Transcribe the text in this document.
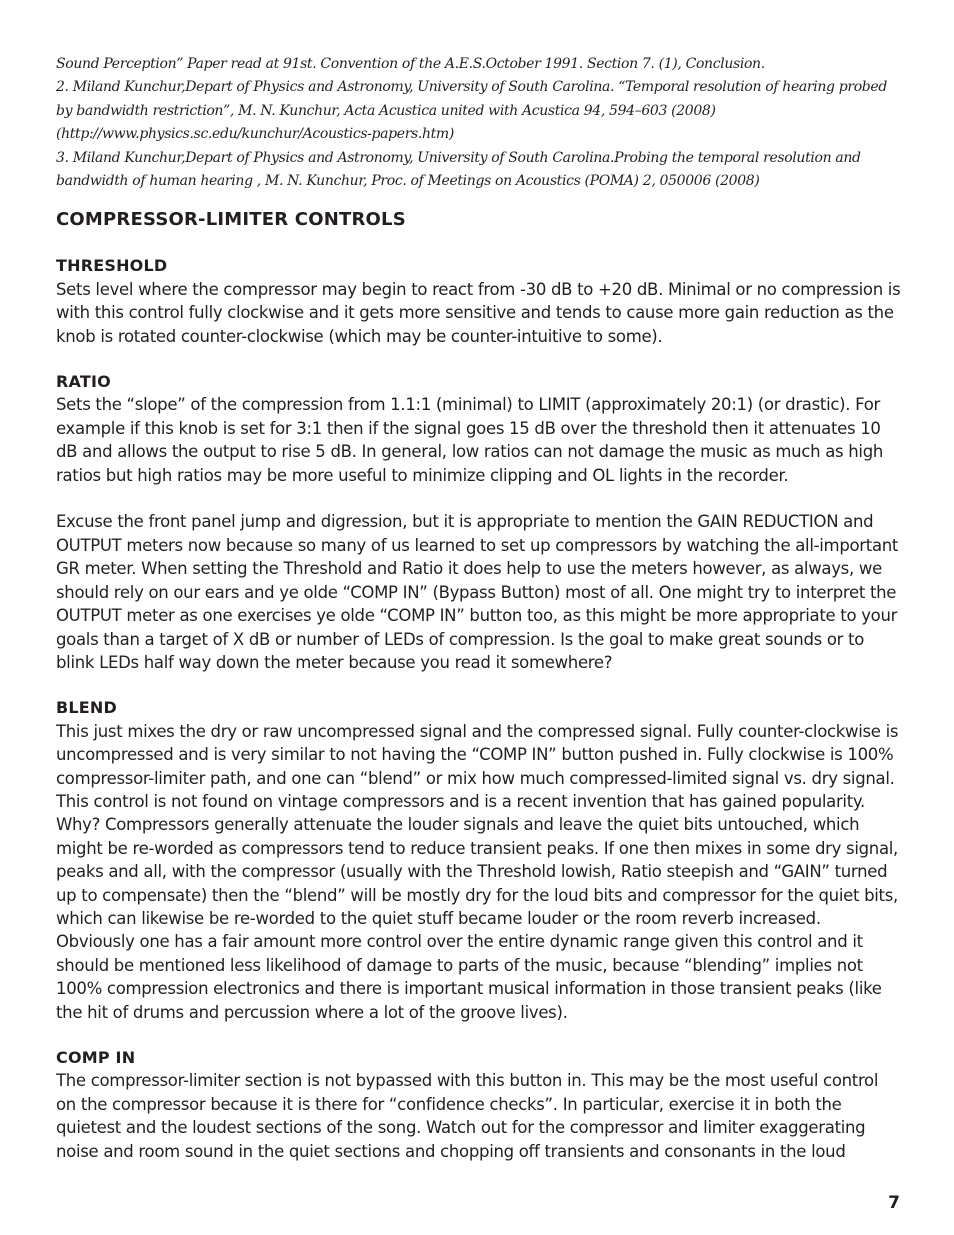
Sound Perception” Paper read at 91st. Convention of the A.E.S.October 1991. Section 7. (1), Conclusion.

2. Miland Kunchur,Depart of Physics and Astronomy, University of South Carolina. “Temporal resolution of hearing probed by bandwidth restriction”, M. N. Kunchur, Acta Acustica united with Acustica 94, 594–603 (2008) (http://www.physics.sc.edu/kunchur/Acoustics-papers.htm)

3. Miland Kunchur,Depart of Physics and Astronomy, University of South Carolina.Probing the temporal resolution and bandwidth of human hearing , M. N. Kunchur, Proc. of Meetings on Acoustics (POMA) 2, 050006 (2008)

COMPRESSOR-LIMITER CONTROLS
THRESHOLD

Sets level where the compressor may begin to react from -30 dB to +20 dB. Minimal or no compression is with this control fully clockwise and it gets more sensitive and tends to cause more gain reduction as the knob is rotated counter-clockwise (which may be counter-intuitive to some).

RATIO

Sets the “slope” of the compression from 1.1:1 (minimal) to LIMIT (approximately 20:1) (or drastic). For example if this knob is set for 3:1 then if the signal goes 15 dB over the threshold then it attenuates 10 dB and allows the output to rise 5 dB. In general, low ratios can not damage the music as much as high ratios but high ratios may be more useful to minimize clipping and OL lights in the recorder.

Excuse the front panel jump and digression, but it is appropriate to mention the GAIN REDUCTION and OUTPUT meters now because so many of us learned to set up compressors by watching the all-important GR meter. When setting the Threshold and Ratio it does help to use the meters however, as always, we should rely on our ears and ye olde “COMP IN” (Bypass Button) most of all. One might try to interpret the OUTPUT meter as one exercises ye olde “COMP IN” button too, as this might be more appropriate to your goals than a target of X dB or number of LEDs of compression. Is the goal to make great sounds or to blink LEDs half way down the meter because you read it somewhere?

BLEND

This just mixes the dry or raw uncompressed signal and the compressed signal. Fully counter-clockwise is uncompressed and is very similar to not having the “COMP IN” button pushed in. Fully clockwise is 100% compressor-limiter path, and one can “blend” or mix how much compressed-limited signal vs. dry signal. This control is not found on vintage compressors and is a recent invention that has gained popularity. Why? Compressors generally attenuate the louder signals and leave the quiet bits untouched, which might be re-worded as compressors tend to reduce transient peaks. If one then mixes in some dry signal, peaks and all, with the compressor (usually with the Threshold lowish, Ratio steepish and “GAIN” turned up to compensate) then the “blend” will be mostly dry for the loud bits and compressor for the quiet bits, which can likewise be re-worded to the quiet stuff became louder or the room reverb increased. Obviously one has a fair amount more control over the entire dynamic range given this control and it should be mentioned less likelihood of damage to parts of the music, because “blending” implies not 100% compression electronics and there is important musical information in those transient peaks (like the hit of drums and percussion where a lot of the groove lives).

COMP IN

The compressor-limiter section is not bypassed with this button in. This may be the most useful control on the compressor because it is there for “confidence checks”. In particular, exercise it in both the quietest and the loudest sections of the song. Watch out for the compressor and limiter exaggerating noise and room sound in the quiet sections and chopping off transients and consonants in the loud

7
